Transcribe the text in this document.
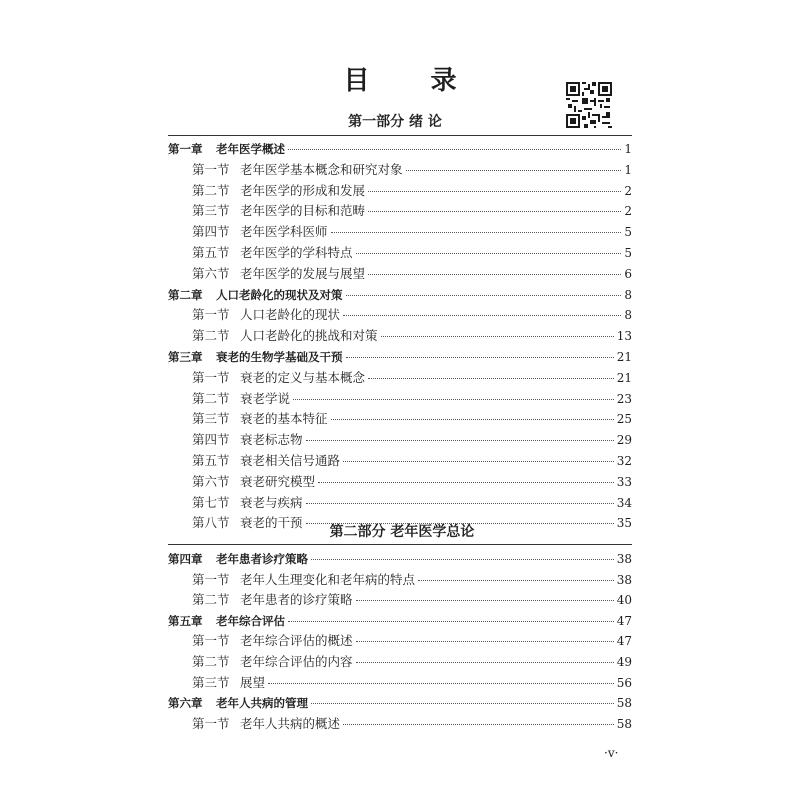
目 录
第一部分 绪 论
第一章	老年医学概述	1
第一节 老年医学基本概念和研究对象	1
第二节 老年医学的形成和发展	2
第三节 老年医学的目标和范畴	2
第四节 老年医学科医师	5
第五节 老年医学的学科特点	5
第六节 老年医学的发展与展望	6
第二章	人口老龄化的现状及对策	8
第一节 人口老龄化的现状	8
第二节 人口老龄化的挑战和对策	13
第三章	衰老的生物学基础及干预	21
第一节 衰老的定义与基本概念	21
第二节 衰老学说	23
第三节 衰老的基本特征	25
第四节 衰老标志物	29
第五节 衰老相关信号通路	32
第六节 衰老研究模型	33
第七节 衰老与疾病	34
第八节 衰老的干预	35
第二部分 老年医学总论
第四章	老年患者诊疗策略	38
第一节 老年人生理变化和老年病的特点	38
第二节 老年患者的诊疗策略	40
第五章	老年综合评估	47
第一节 老年综合评估的概述	47
第二节 老年综合评估的内容	49
第三节 展望	56
第六章	老年人共病的管理	58
第一节 老年人共病的概述	58
·v·
